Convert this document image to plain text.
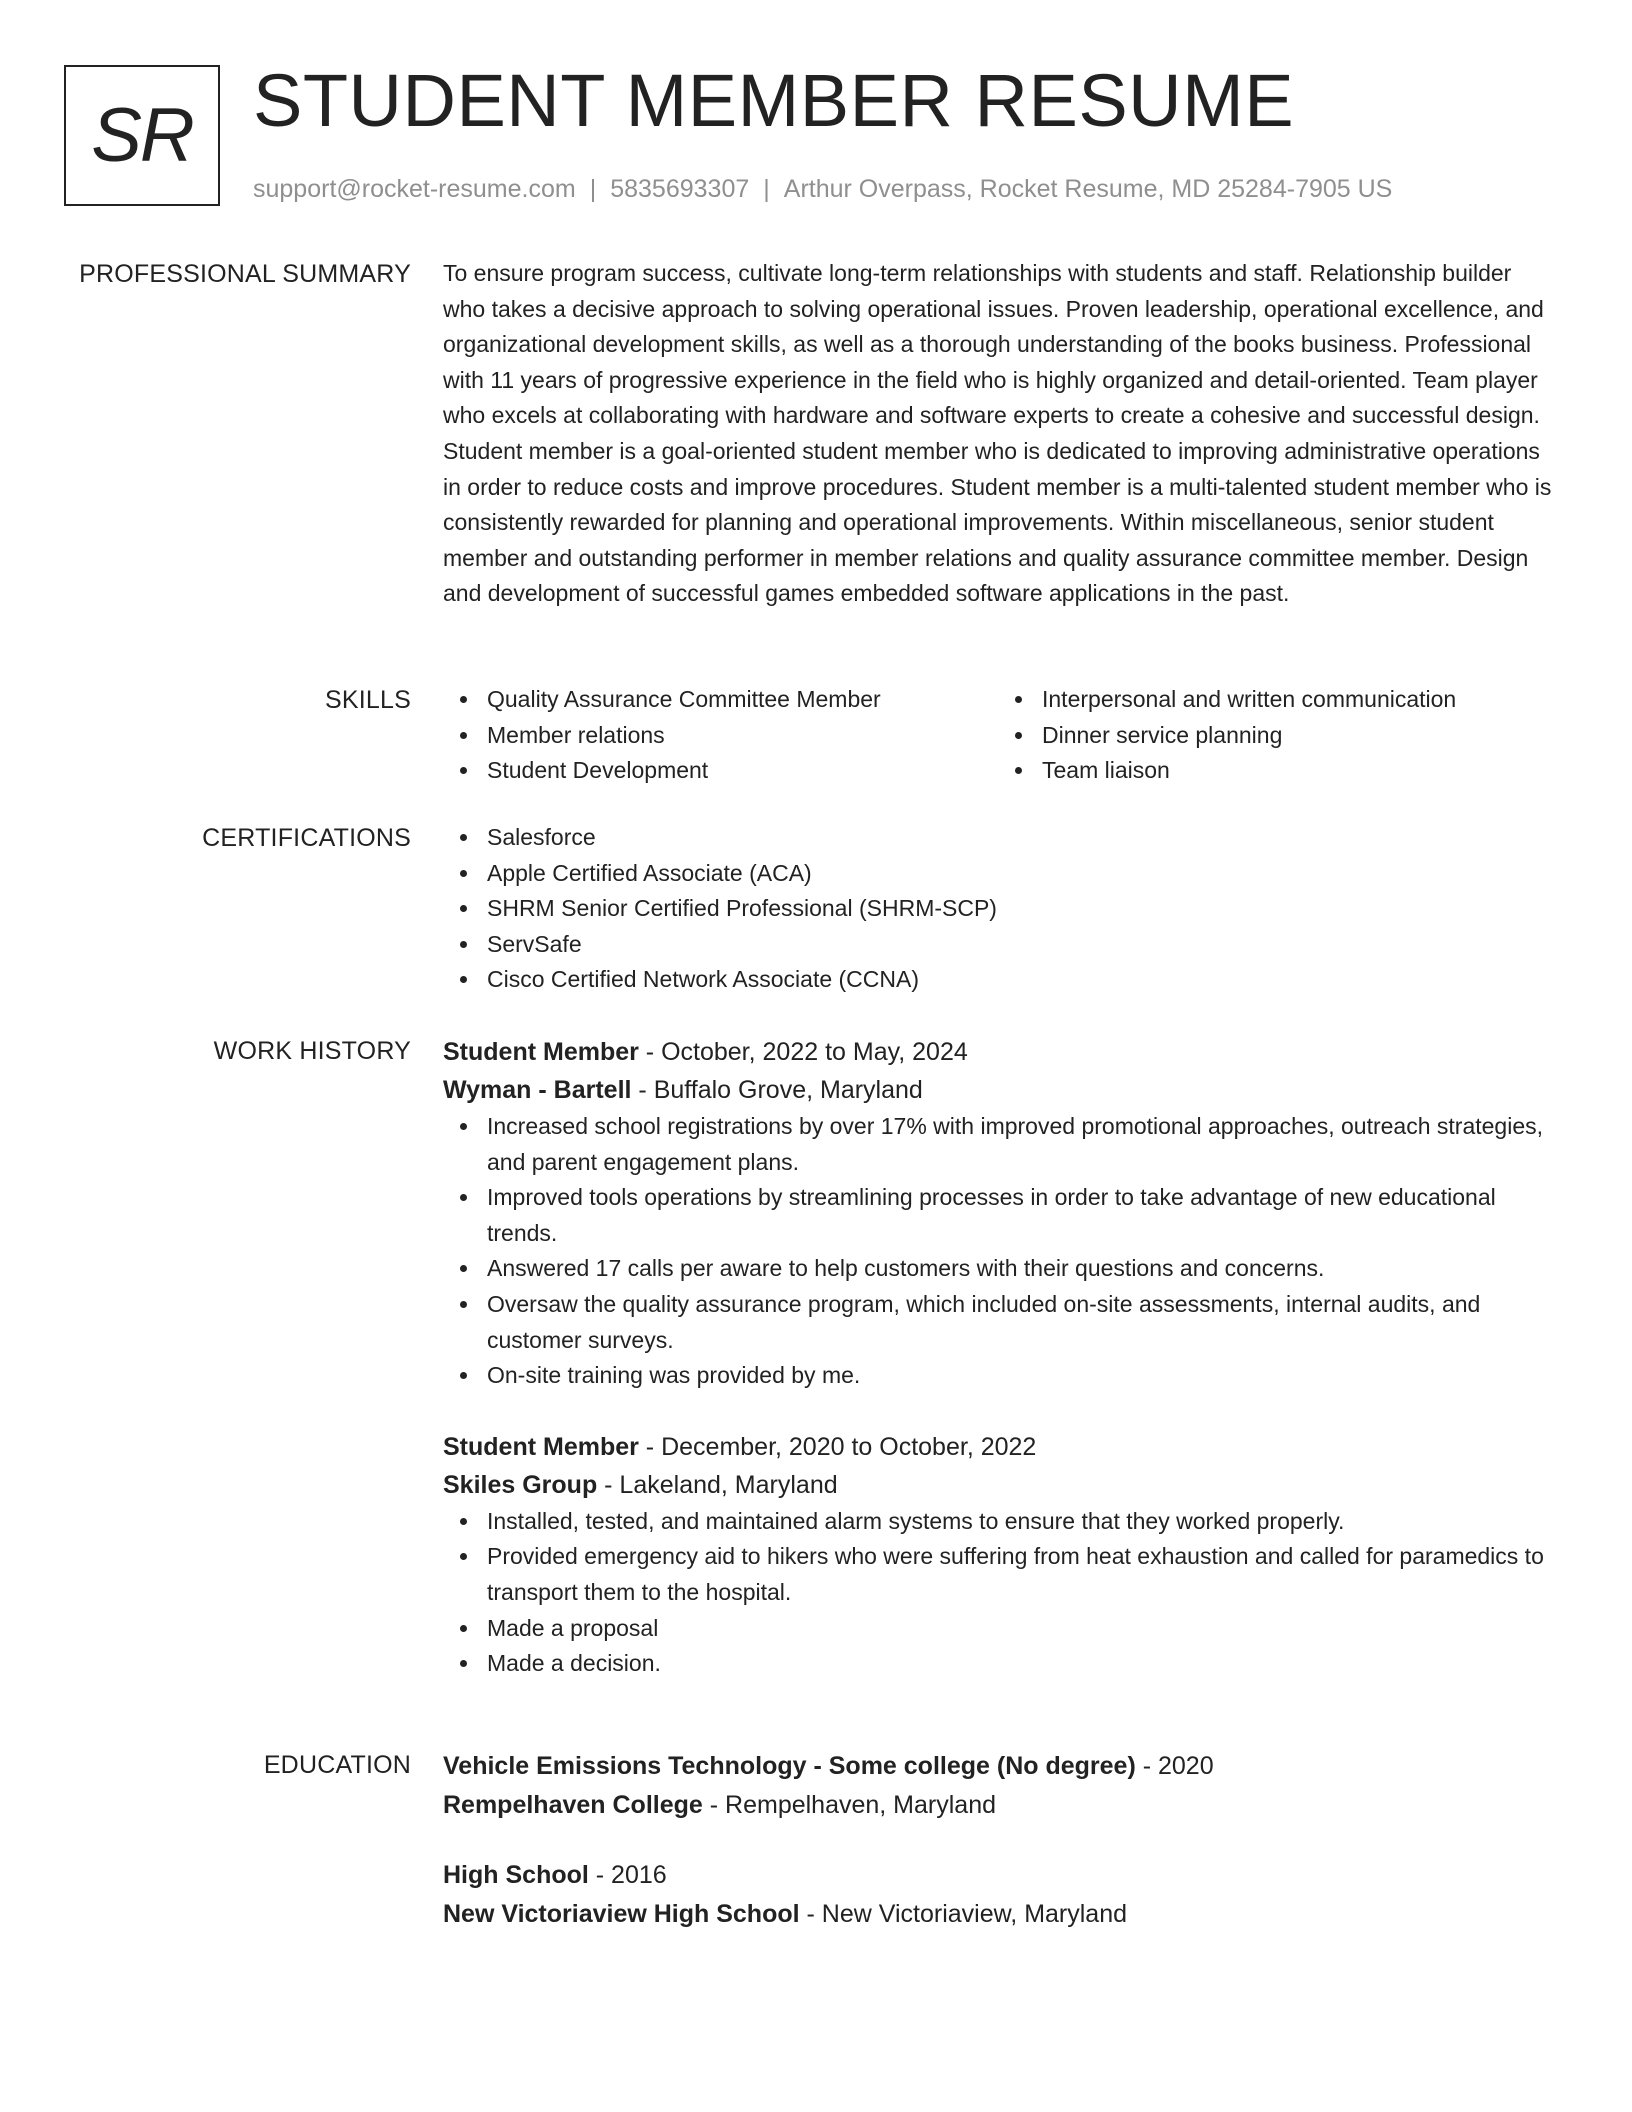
SR STUDENT MEMBER RESUME
support@rocket-resume.com | 5835693307 | Arthur Overpass, Rocket Resume, MD 25284-7905 US
PROFESSIONAL SUMMARY To ensure program success, cultivate long-term relationships with students and staff. Relationship builder who takes a decisive approach to solving operational issues. Proven leadership, operational excellence, and organizational development skills, as well as a thorough understanding of the books business. Professional with 11 years of progressive experience in the field who is highly organized and detail-oriented. Team player who excels at collaborating with hardware and software experts to create a cohesive and successful design. Student member is a goal-oriented student member who is dedicated to improving administrative operations in order to reduce costs and improve procedures. Student member is a multi-talented student member who is consistently rewarded for planning and operational improvements. Within miscellaneous, senior student member and outstanding performer in member relations and quality assurance committee member. Design and development of successful games embedded software applications in the past.

SKILLS	Quality Assurance Committee Member
Member relations
Student Development
Interpersonal and written communication
Dinner service planning
Team liaison
CERTIFICATIONS	Salesforce
Apple Certified Associate (ACA)
SHRM Senior Certified Professional (SHRM-SCP)
ServSafe
Cisco Certified Network Associate (CCNA)
WORK HISTORY Student Member - October, 2022 to May, 2024
Wyman - Bartell - Buffalo Grove, Maryland
Increased school registrations by over 17% with improved promotional approaches, outreach strategies, and parent engagement plans.
Improved tools operations by streamlining processes in order to take advantage of new educational trends.
Answered 17 calls per aware to help customers with their questions and concerns.
Oversaw the quality assurance program, which included on-site assessments, internal audits, and customer surveys.
On-site training was provided by me.
Student Member - December, 2020 to October, 2022
Skiles Group - Lakeland, Maryland
Installed, tested, and maintained alarm systems to ensure that they worked properly.
Provided emergency aid to hikers who were suffering from heat exhaustion and called for paramedics to transport them to the hospital.
Made a proposal
Made a decision.
EDUCATION Vehicle Emissions Technology - Some college (No degree) - 2020
Rempelhaven College - Rempelhaven, Maryland
High School - 2016
New Victoriaview High School - New Victoriaview, Maryland
